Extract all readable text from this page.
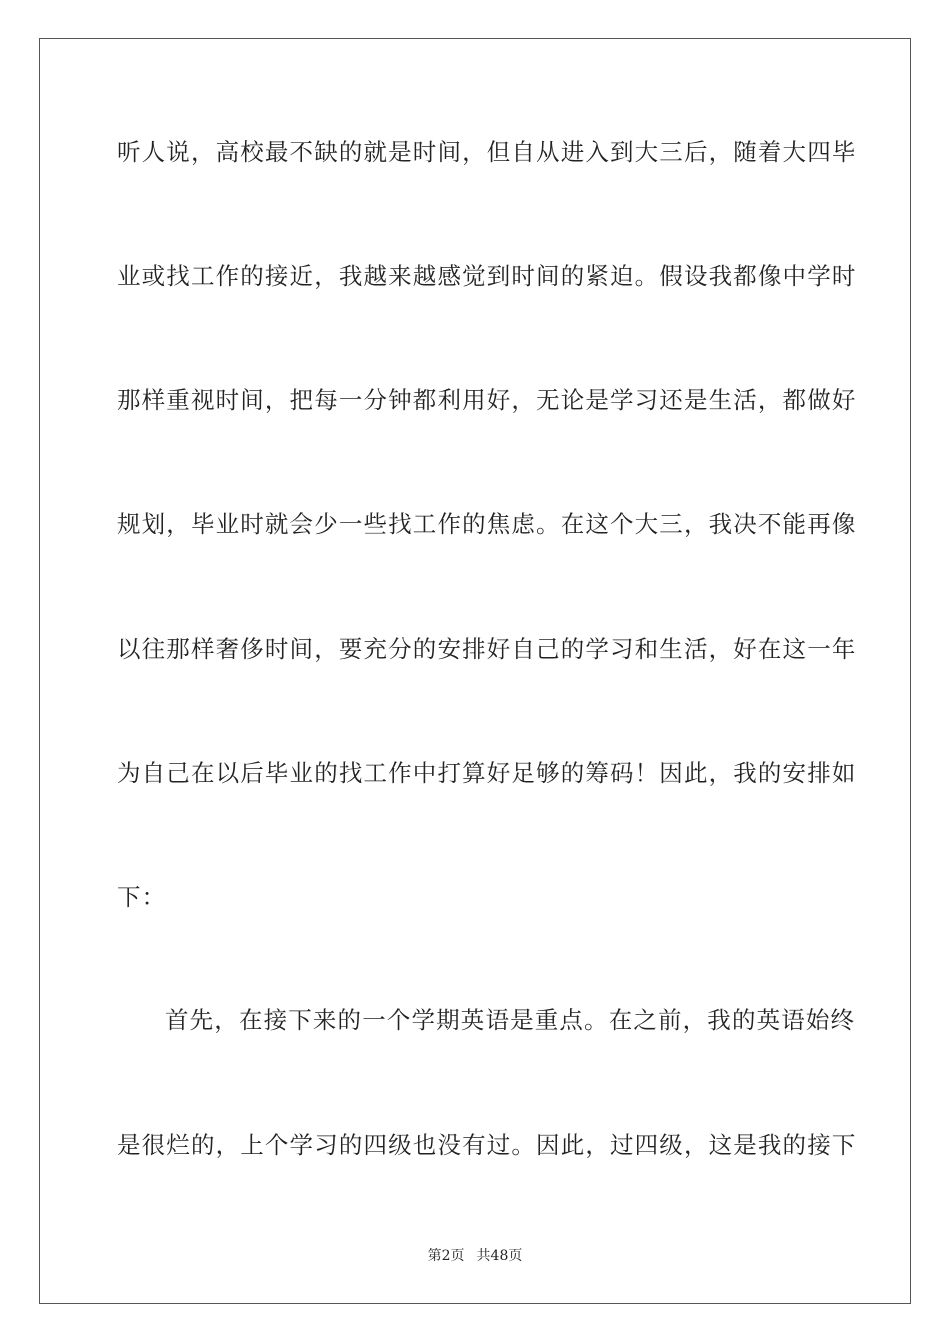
听人说，高校最不缺的就是时间，但自从进入到大三后，随着大四毕
业或找工作的接近，我越来越感觉到时间的紧迫。假设我都像中学时
那样重视时间，把每一分钟都利用好，无论是学习还是生活，都做好
规划，毕业时就会少一些找工作的焦虑。在这个大三，我决不能再像
以往那样奢侈时间，要充分的安排好自己的学习和生活，好在这一年
为自己在以后毕业的找工作中打算好足够的筹码！因此，我的安排如
下：
首先，在接下来的一个学期英语是重点。在之前，我的英语始终
是很烂的，上个学习的四级也没有过。因此，过四级，这是我的接下
第2页 共48页
